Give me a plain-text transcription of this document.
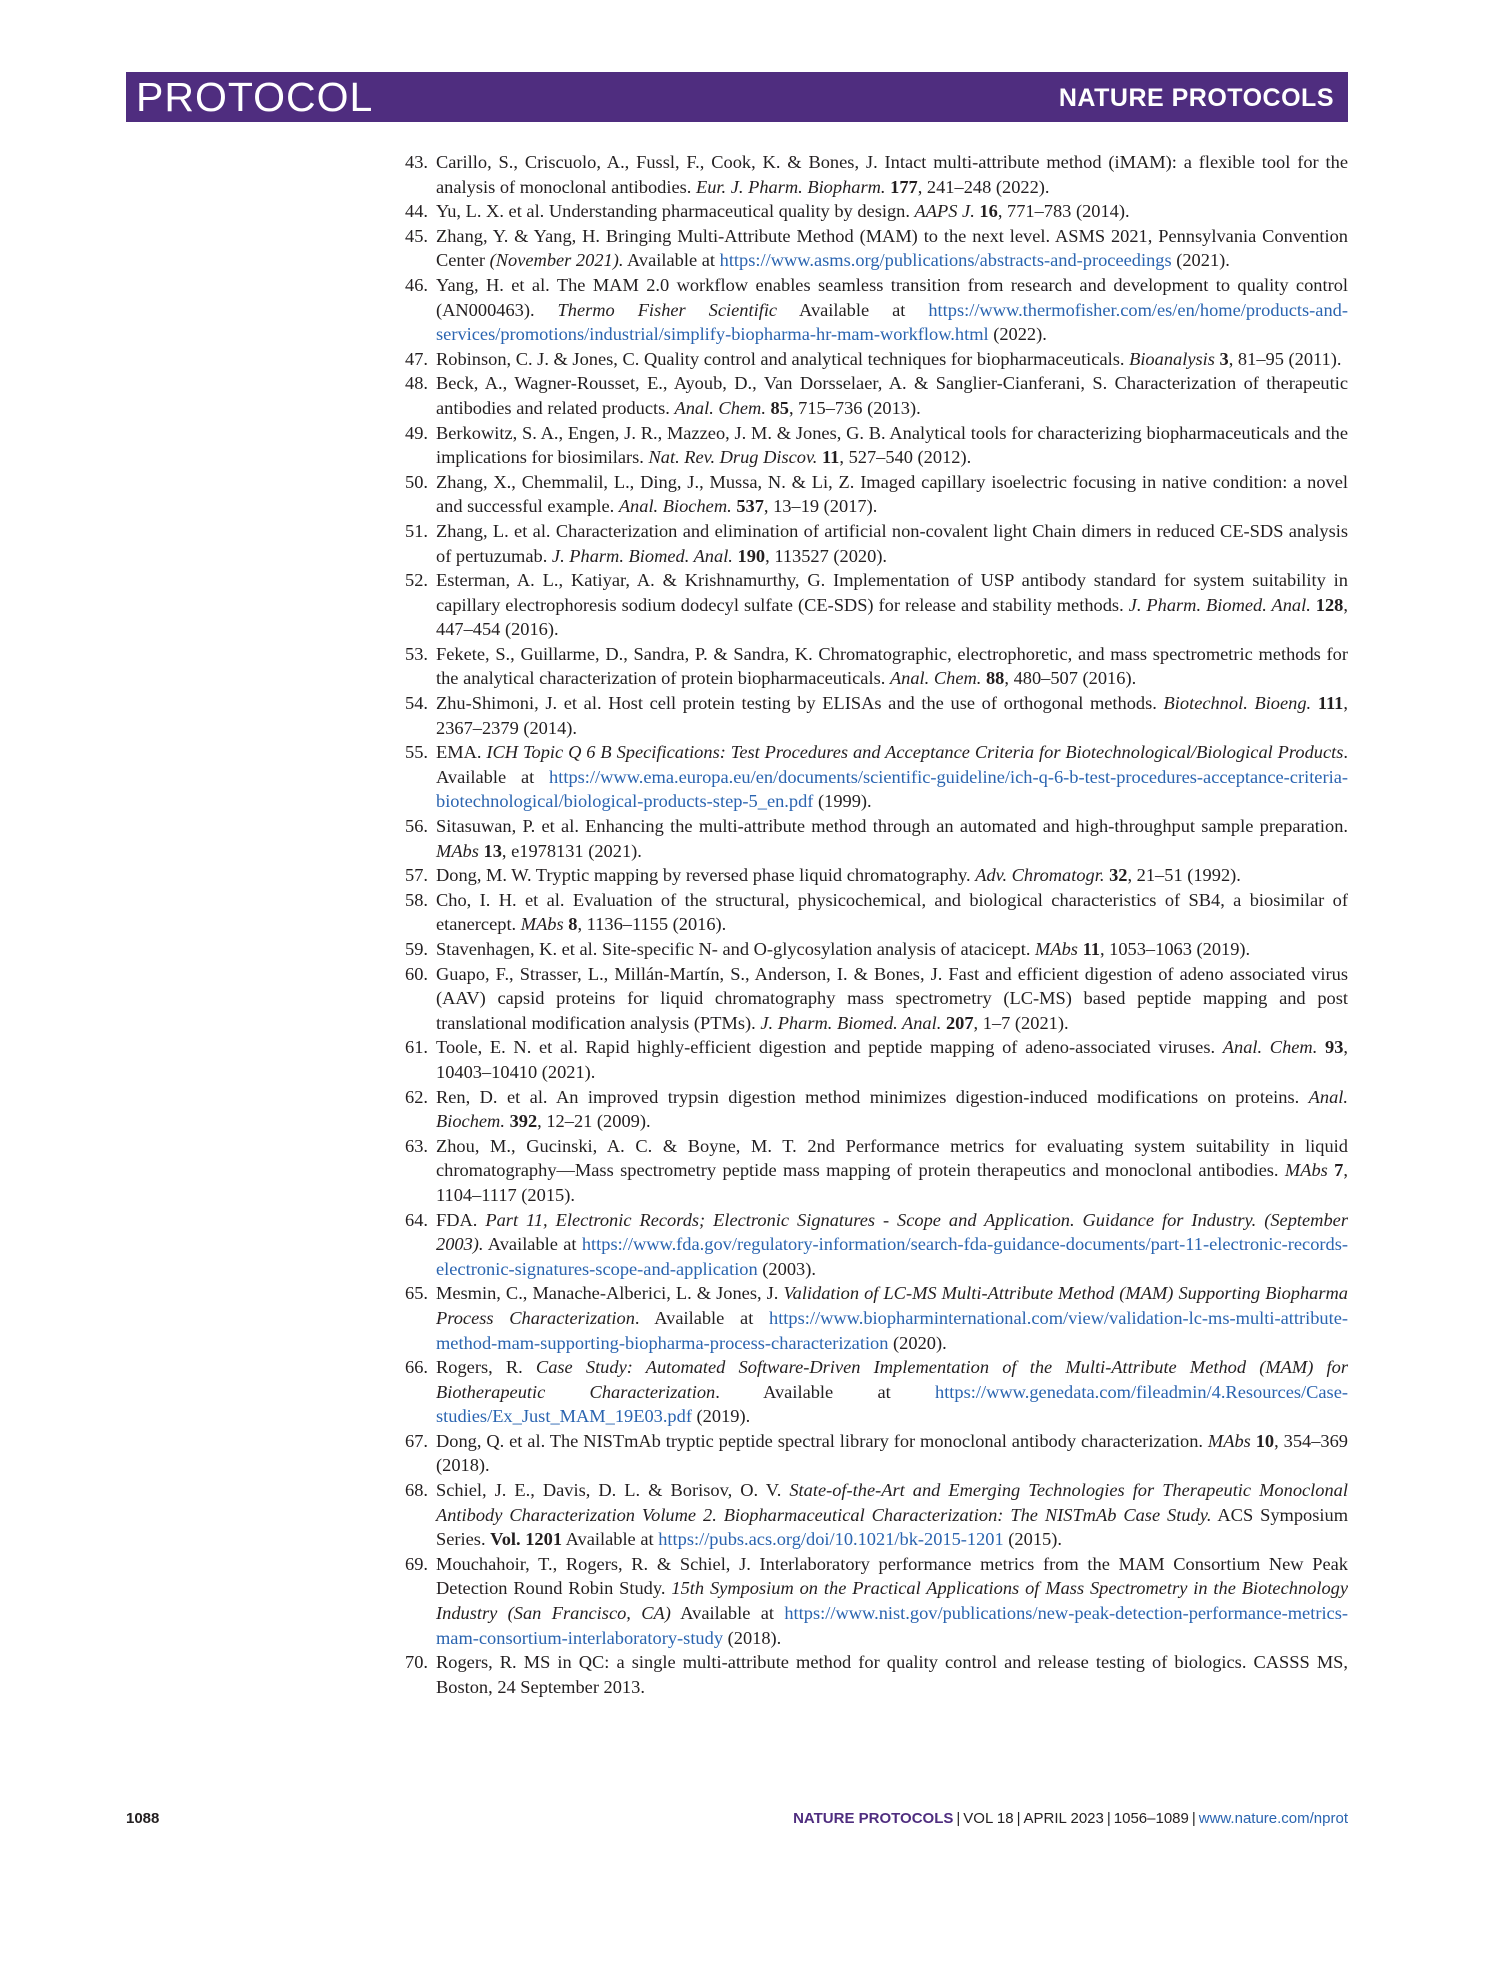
PROTOCOL	NATURE PROTOCOLS
43. Carillo, S., Criscuolo, A., Fussl, F., Cook, K. & Bones, J. Intact multi-attribute method (iMAM): a flexible tool for the analysis of monoclonal antibodies. Eur. J. Pharm. Biopharm. 177, 241–248 (2022).
44. Yu, L. X. et al. Understanding pharmaceutical quality by design. AAPS J. 16, 771–783 (2014).
45. Zhang, Y. & Yang, H. Bringing Multi-Attribute Method (MAM) to the next level. ASMS 2021, Pennsylvania Convention Center (November 2021). Available at https://www.asms.org/publications/abstracts-and-proceedings (2021).
46. Yang, H. et al. The MAM 2.0 workflow enables seamless transition from research and development to quality control (AN000463). Thermo Fisher Scientific Available at https://www.thermofisher.com/es/en/home/products-and-services/promotions/industrial/simplify-biopharma-hr-mam-workflow.html (2022).
47. Robinson, C. J. & Jones, C. Quality control and analytical techniques for biopharmaceuticals. Bioanalysis 3, 81–95 (2011).
48. Beck, A., Wagner-Rousset, E., Ayoub, D., Van Dorsselaer, A. & Sanglier-Cianferani, S. Characterization of therapeutic antibodies and related products. Anal. Chem. 85, 715–736 (2013).
49. Berkowitz, S. A., Engen, J. R., Mazzeo, J. M. & Jones, G. B. Analytical tools for characterizing biopharmaceuticals and the implications for biosimilars. Nat. Rev. Drug Discov. 11, 527–540 (2012).
50. Zhang, X., Chemmalil, L., Ding, J., Mussa, N. & Li, Z. Imaged capillary isoelectric focusing in native condition: a novel and successful example. Anal. Biochem. 537, 13–19 (2017).
51. Zhang, L. et al. Characterization and elimination of artificial non-covalent light Chain dimers in reduced CE-SDS analysis of pertuzumab. J. Pharm. Biomed. Anal. 190, 113527 (2020).
52. Esterman, A. L., Katiyar, A. & Krishnamurthy, G. Implementation of USP antibody standard for system suitability in capillary electrophoresis sodium dodecyl sulfate (CE-SDS) for release and stability methods. J. Pharm. Biomed. Anal. 128, 447–454 (2016).
53. Fekete, S., Guillarme, D., Sandra, P. & Sandra, K. Chromatographic, electrophoretic, and mass spectrometric methods for the analytical characterization of protein biopharmaceuticals. Anal. Chem. 88, 480–507 (2016).
54. Zhu-Shimoni, J. et al. Host cell protein testing by ELISAs and the use of orthogonal methods. Biotechnol. Bioeng. 111, 2367–2379 (2014).
55. EMA. ICH Topic Q 6 B Specifications: Test Procedures and Acceptance Criteria for Biotechnological/Biological Products. Available at https://www.ema.europa.eu/en/documents/scientific-guideline/ich-q-6-b-test-procedures-acceptance-criteria-biotechnological/biological-products-step-5_en.pdf (1999).
56. Sitasuwan, P. et al. Enhancing the multi-attribute method through an automated and high-throughput sample preparation. MAbs 13, e1978131 (2021).
57. Dong, M. W. Tryptic mapping by reversed phase liquid chromatography. Adv. Chromatogr. 32, 21–51 (1992).
58. Cho, I. H. et al. Evaluation of the structural, physicochemical, and biological characteristics of SB4, a biosimilar of etanercept. MAbs 8, 1136–1155 (2016).
59. Stavenhagen, K. et al. Site-specific N- and O-glycosylation analysis of atacicept. MAbs 11, 1053–1063 (2019).
60. Guapo, F., Strasser, L., Millán-Martín, S., Anderson, I. & Bones, J. Fast and efficient digestion of adeno associated virus (AAV) capsid proteins for liquid chromatography mass spectrometry (LC-MS) based peptide mapping and post translational modification analysis (PTMs). J. Pharm. Biomed. Anal. 207, 1–7 (2021).
61. Toole, E. N. et al. Rapid highly-efficient digestion and peptide mapping of adeno-associated viruses. Anal. Chem. 93, 10403–10410 (2021).
62. Ren, D. et al. An improved trypsin digestion method minimizes digestion-induced modifications on proteins. Anal. Biochem. 392, 12–21 (2009).
63. Zhou, M., Gucinski, A. C. & Boyne, M. T. 2nd Performance metrics for evaluating system suitability in liquid chromatography—Mass spectrometry peptide mass mapping of protein therapeutics and monoclonal antibodies. MAbs 7, 1104–1117 (2015).
64. FDA. Part 11, Electronic Records; Electronic Signatures - Scope and Application. Guidance for Industry. (September 2003). Available at https://www.fda.gov/regulatory-information/search-fda-guidance-documents/part-11-electronic-records-electronic-signatures-scope-and-application (2003).
65. Mesmin, C., Manache-Alberici, L. & Jones, J. Validation of LC-MS Multi-Attribute Method (MAM) Supporting Biopharma Process Characterization. Available at https://www.biopharminternational.com/view/validation-lc-ms-multi-attribute-method-mam-supporting-biopharma-process-characterization (2020).
66. Rogers, R. Case Study: Automated Software-Driven Implementation of the Multi-Attribute Method (MAM) for Biotherapeutic Characterization. Available at https://www.genedata.com/fileadmin/4.Resources/Case-studies/Ex_Just_MAM_19E03.pdf (2019).
67. Dong, Q. et al. The NISTmAb tryptic peptide spectral library for monoclonal antibody characterization. MAbs 10, 354–369 (2018).
68. Schiel, J. E., Davis, D. L. & Borisov, O. V. State-of-the-Art and Emerging Technologies for Therapeutic Monoclonal Antibody Characterization Volume 2. Biopharmaceutical Characterization: The NISTmAb Case Study. ACS Symposium Series. Vol. 1201 Available at https://pubs.acs.org/doi/10.1021/bk-2015-1201 (2015).
69. Mouchahoir, T., Rogers, R. & Schiel, J. Interlaboratory performance metrics from the MAM Consortium New Peak Detection Round Robin Study. 15th Symposium on the Practical Applications of Mass Spectrometry in the Biotechnology Industry (San Francisco, CA) Available at https://www.nist.gov/publications/new-peak-detection-performance-metrics-mam-consortium-interlaboratory-study (2018).
70. Rogers, R. MS in QC: a single multi-attribute method for quality control and release testing of biologics. CASSS MS, Boston, 24 September 2013.
1088	NATURE PROTOCOLS | VOL 18 | APRIL 2023 | 1056–1089 | www.nature.com/nprot
